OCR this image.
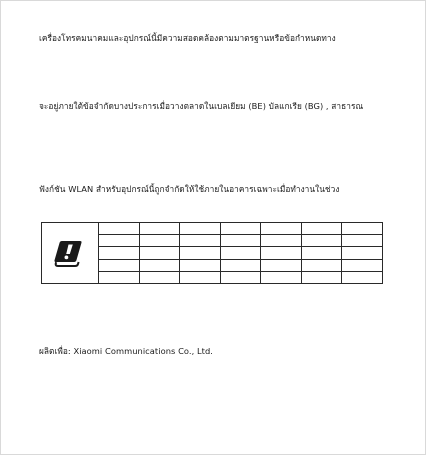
เครื่องโทรคมนาคมและอุปกรณ์นี้มีความสอดคล้องตามมาตรฐานหรือข้อกำหนดทาง
จะอยู่ภายใต้ข้อจำกัดบางประการเมื่อวางตลาดในเบลเยียม (BE) บัลแกเรีย (BG) , สาธารณ
ฟังก์ชัน WLAN สำหรับอุปกรณ์นี้ถูกจำกัดให้ใช้ภายในอาคารเฉพาะเมื่อทำงานในช่วง

ผลิตเพื่อ: Xiaomi Communications Co., Ltd.
